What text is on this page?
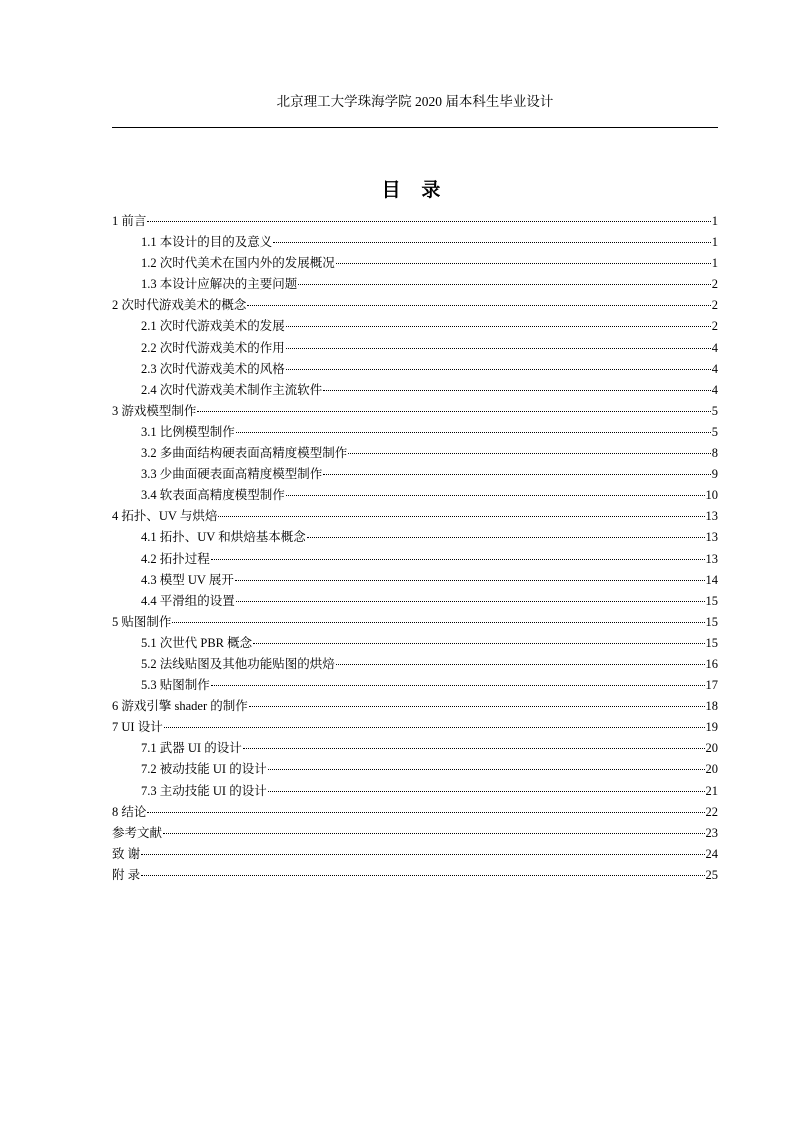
北京理工大学珠海学院 2020 届本科生毕业设计
目 录
1 前言	1
1.1 本设计的目的及意义	1
1.2 次时代美术在国内外的发展概况	1
1.3 本设计应解决的主要问题	2
2 次时代游戏美术的概念	2
2.1 次时代游戏美术的发展	2
2.2 次时代游戏美术的作用	4
2.3 次时代游戏美术的风格	4
2.4 次时代游戏美术制作主流软件	4
3 游戏模型制作	5
3.1 比例模型制作	5
3.2 多曲面结构硬表面高精度模型制作	8
3.3 少曲面硬表面高精度模型制作	9
3.4 软表面高精度模型制作	10
4 拓扑、UV 与烘焙	13
4.1 拓扑、UV 和烘焙基本概念	13
4.2 拓扑过程	13
4.3 模型 UV 展开	14
4.4 平滑组的设置	15
5 贴图制作	15
5.1 次世代 PBR 概念	15
5.2 法线贴图及其他功能贴图的烘焙	16
5.3 贴图制作	17
6 游戏引擎 shader 的制作	18
7 UI 设计	19
7.1 武器 UI 的设计	20
7.2 被动技能 UI 的设计	20
7.3 主动技能 UI 的设计	21
8 结论	22
参考文献	23
致 谢	24
附 录	25
